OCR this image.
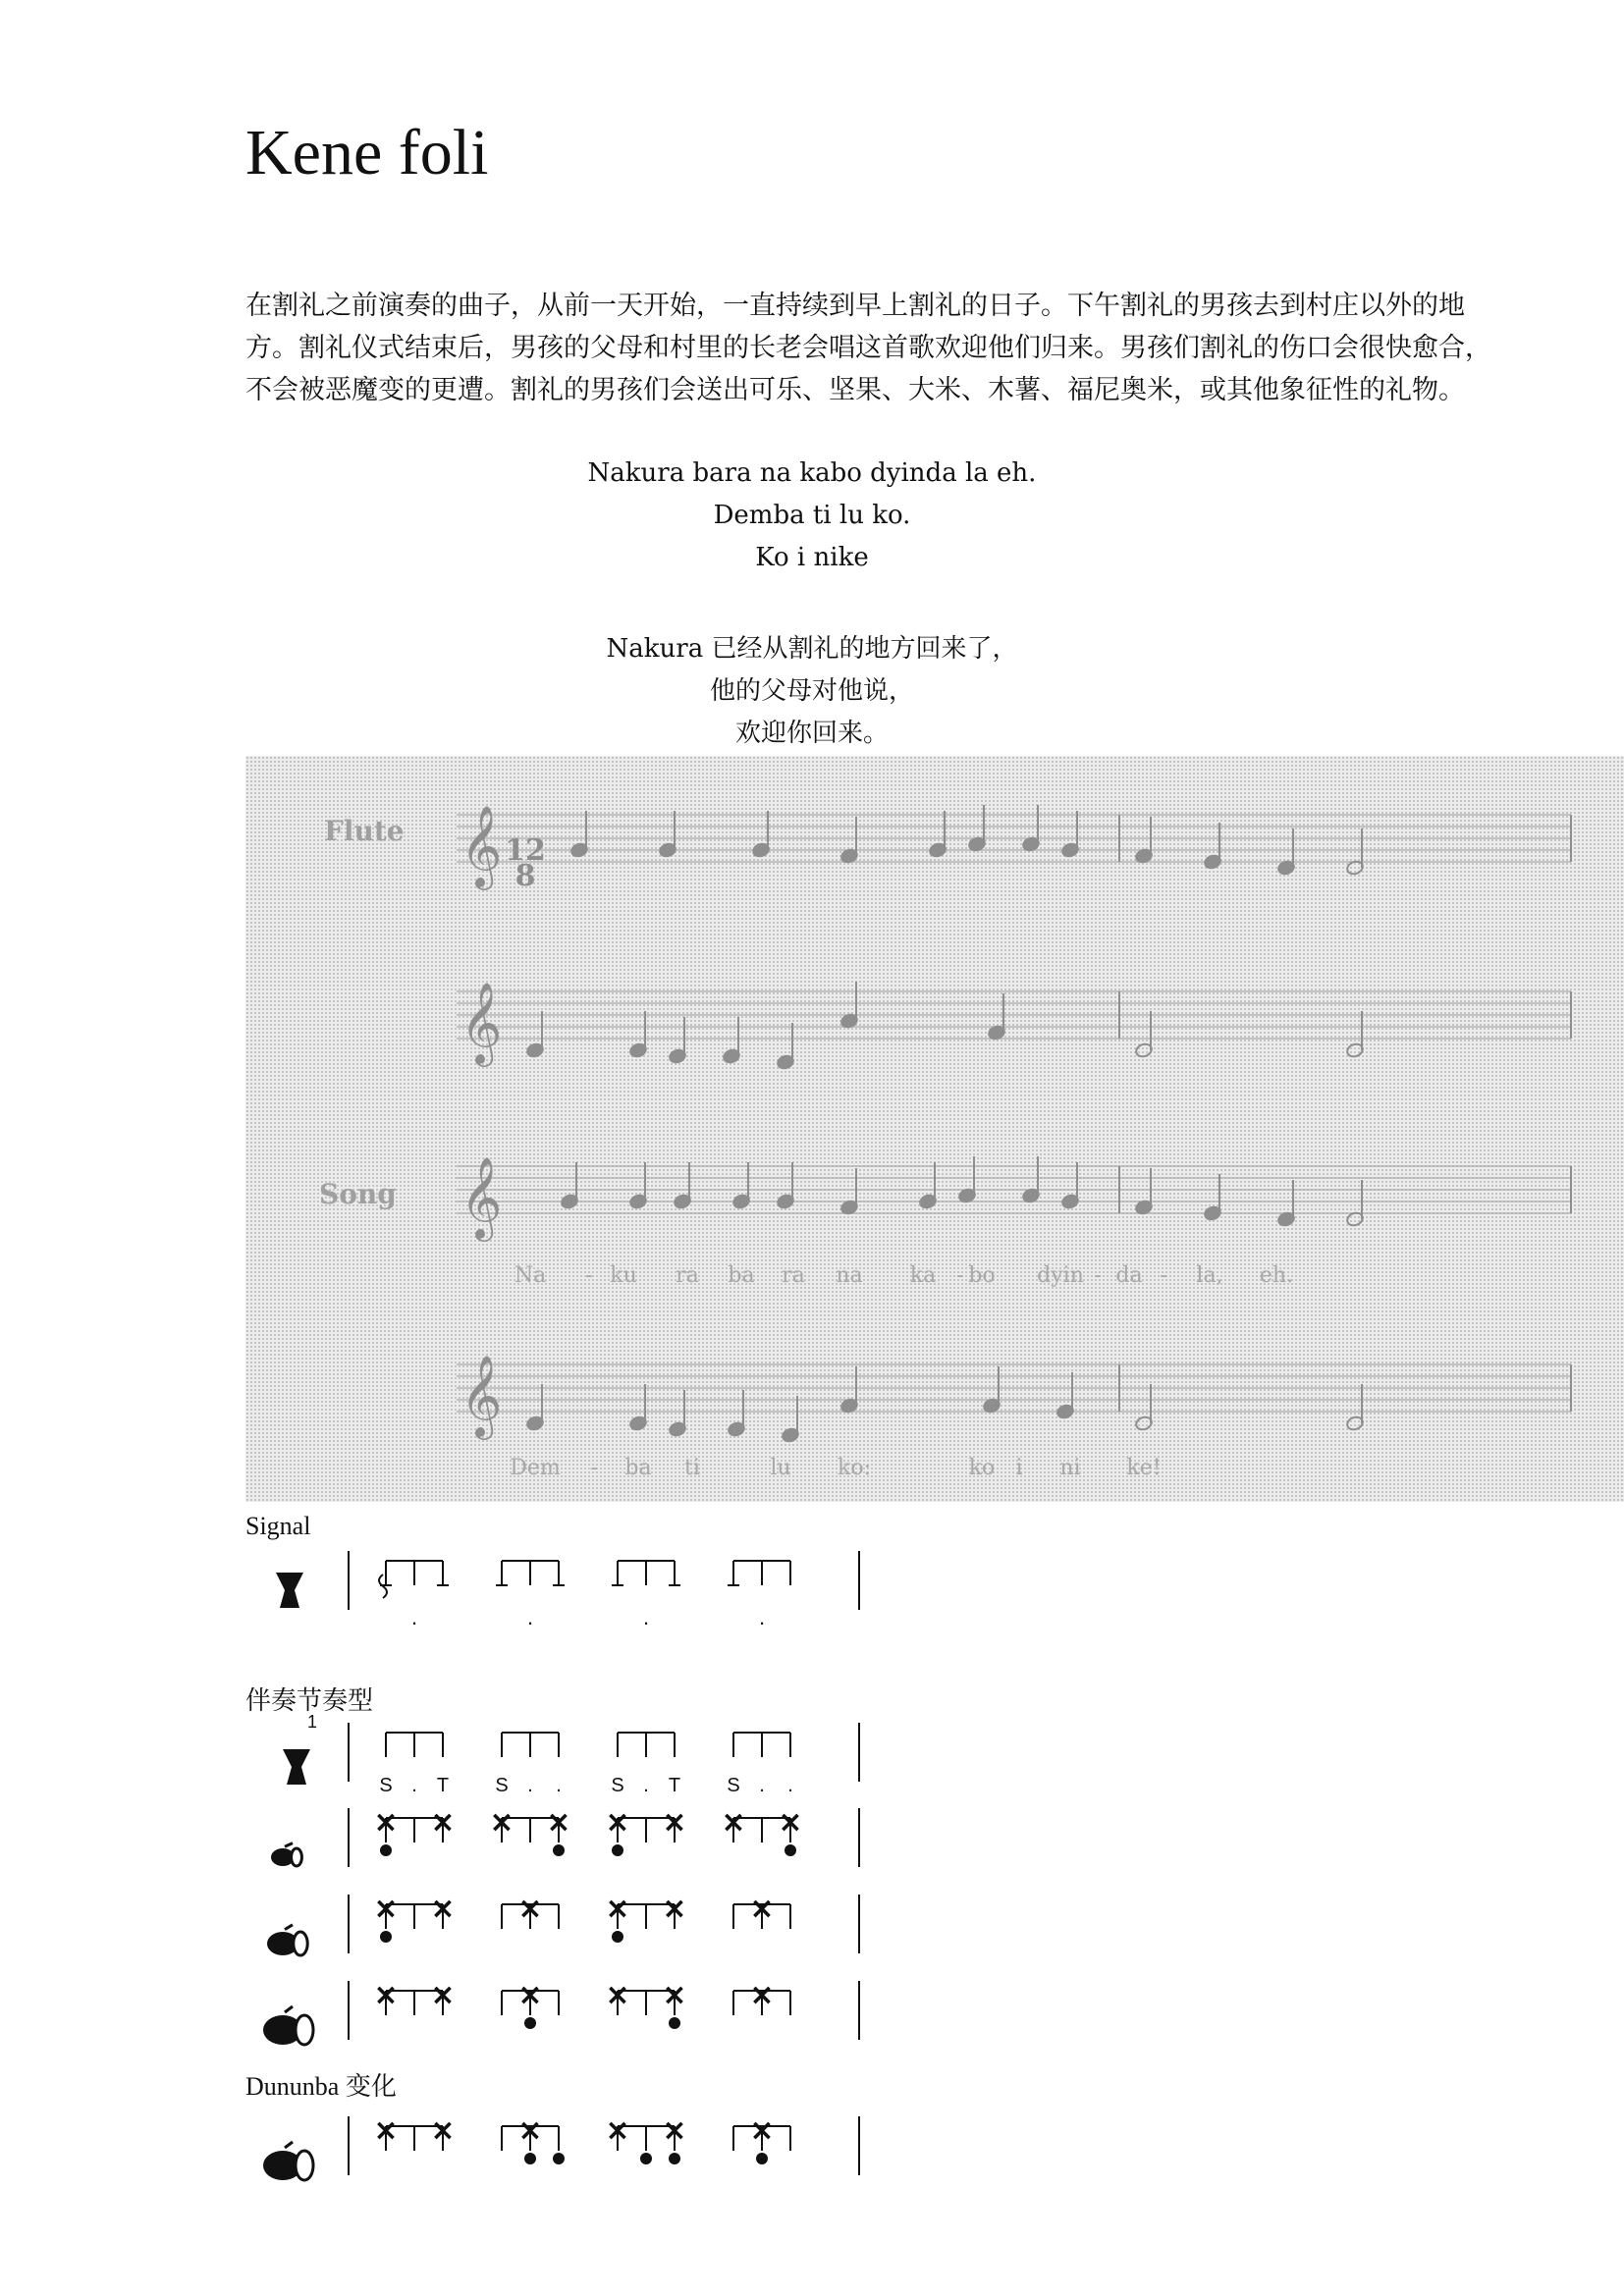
Kene foli
在割礼之前演奏的曲子，从前一天开始，一直持续到早上割礼的日子。下午割礼的男孩去到村庄以外的地方。割礼仪式结束后，男孩的父母和村里的长老会唱这首歌欢迎他们归来。男孩们割礼的伤口会很快愈合，不会被恶魔变的更遭。割礼的男孩们会送出可乐、坚果、大米、木薯、福尼奥米，或其他象征性的礼物。
Nakura bara na kabo dyinda la eh.
Demba ti lu ko.
Ko i nike
Nakura 已经从割礼的地方回来了，
他的父母对他说，
欢迎你回来。
Signal
伴奏节奏型
Dununba 变化
𝄞
𝄞
𝄞
𝄞
12
8
Flute
Song
Na - ku ra ba ra na ka - bo dyin - da - la, eh.
Dem - ba ti	lu ko:	ko i ni ke!
.	.	.	.
1
S . T S . .	S . T S . .
× × × × × × × ×
× × × × × ×
× × × × × ×
× × × × × ×
